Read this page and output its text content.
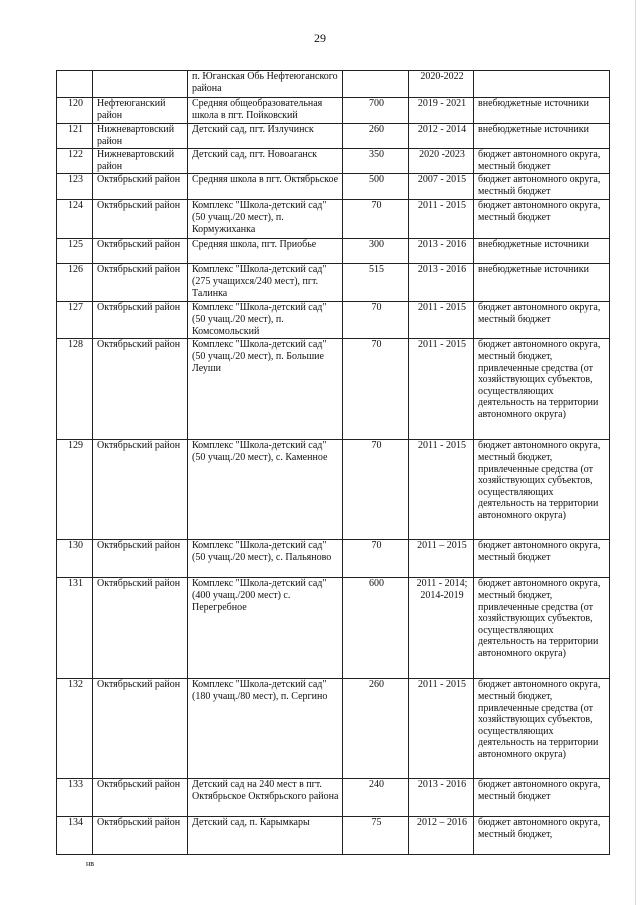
29
		п. Юганская Обь Нефтеюганского района		2020-2022	
120	Нефтеюганский район	Средняя общеобразовательная школа в пгт. Пойковский	700	2019 - 2021	внебюджетные источники
121	Нижневартовский район	Детский сад, пгт. Излучинск	260	2012 - 2014	внебюджетные источники
122	Нижневартовский район	Детский сад, пгт. Новоаганск	350	2020 -2023	бюджет автономного округа, местный бюджет
123	Октябрьский район	Средняя школа в пгт. Октябрьское	500	2007 - 2015	бюджет автономного округа, местный бюджет
124	Октябрьский район	Комплекс "Школа-детский сад" (50 учащ./20 мест), п. Кормужиханка	70	2011 - 2015	бюджет автономного округа, местный бюджет
125	Октябрьский район	Средняя школа, пгт. Приобье	300	2013 - 2016	внебюджетные источники
126	Октябрьский район	Комплекс "Школа-детский сад" (275 учащихся/240 мест), пгт. Талинка	515	2013 - 2016	внебюджетные источники
127	Октябрьский район	Комплекс "Школа-детский сад" (50 учащ./20 мест), п. Комсомольский	70	2011 - 2015	бюджет автономного округа, местный бюджет
128	Октябрьский район	Комплекс "Школа-детский сад" (50 учащ./20 мест), п. Большие Леуши	70	2011 - 2015	бюджет автономного округа, местный бюджет, привлеченные средства (от хозяйствующих субъектов, осуществляющих деятельность на территории автономного округа)
129	Октябрьский район	Комплекс "Школа-детский сад" (50 учащ./20 мест), с. Каменное	70	2011 - 2015	бюджет автономного округа, местный бюджет, привлеченные средства (от хозяйствующих субъектов, осуществляющих деятельность на территории автономного округа)
130	Октябрьский район	Комплекс "Школа-детский сад" (50 учащ./20 мест), с. Пальяново	70	2011 – 2015	бюджет автономного округа, местный бюджет
131	Октябрьский район	Комплекс "Школа-детский сад" (400 учащ./200 мест) с. Перегребное	600	2011 - 2014; 2014-2019	бюджет автономного округа, местный бюджет, привлеченные средства (от хозяйствующих субъектов, осуществляющих деятельность на территории автономного округа)
132	Октябрьский район	Комплекс "Школа-детский сад" (180 учащ./80 мест), п. Сергино	260	2011 - 2015	бюджет автономного округа, местный бюджет, привлеченные средства (от хозяйствующих субъектов, осуществляющих деятельность на территории автономного округа)
133	Октябрьский район	Детский сад на 240 мест в пгт. Октябрьское Октябрьского района	240	2013 - 2016	бюджет автономного округа, местный бюджет
134	Октябрьский район	Детский сад, п. Карымкары	75	2012 – 2016	бюджет автономного округа, местный бюджет,
нв
